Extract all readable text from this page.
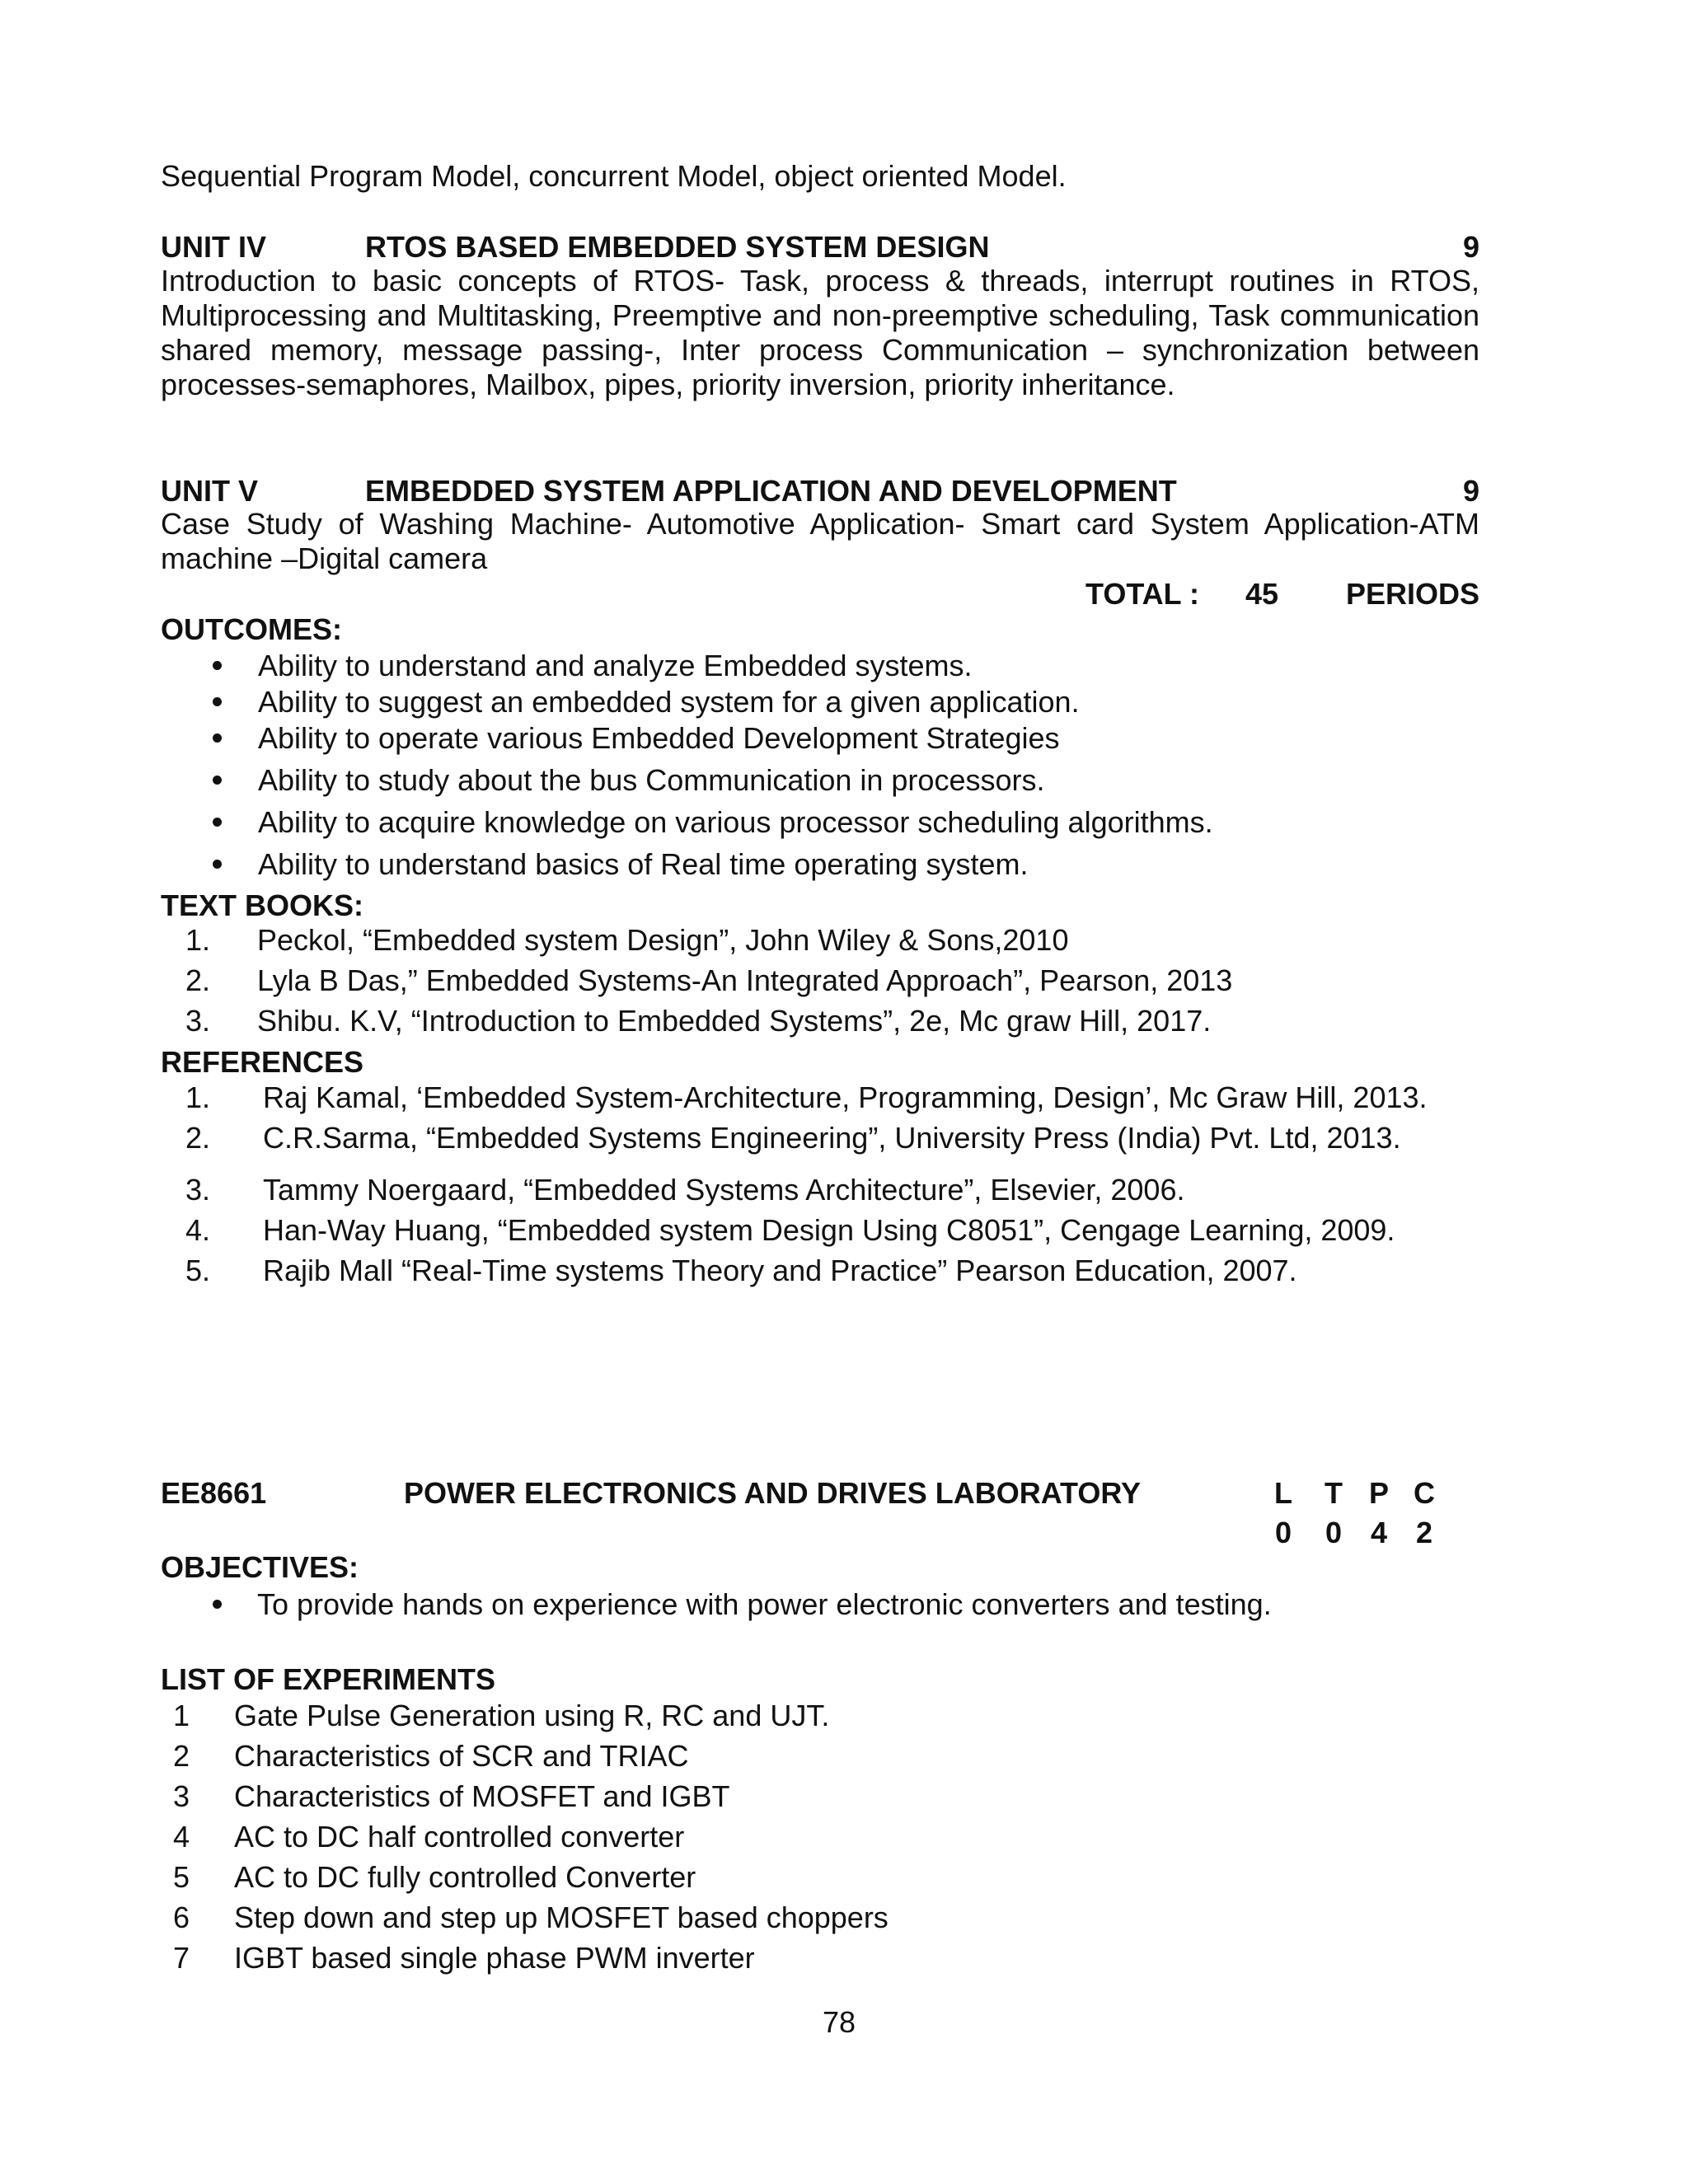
Sequential Program Model, concurrent Model, object oriented Model.
UNIT IV	RTOS BASED EMBEDDED SYSTEM DESIGN	9
Introduction to basic concepts of RTOS- Task, process & threads, interrupt routines in RTOS, Multiprocessing and Multitasking, Preemptive and non-preemptive scheduling, Task communication shared memory, message passing-, Inter process Communication – synchronization between processes-semaphores, Mailbox, pipes, priority inversion, priority inheritance.
UNIT V	EMBEDDED SYSTEM APPLICATION AND DEVELOPMENT	9
Case Study of Washing Machine- Automotive Application- Smart card System Application-ATM machine –Digital camera
TOTAL : 45 PERIODS
OUTCOMES:
Ability to understand and analyze Embedded systems.
Ability to suggest an embedded system for a given application.
Ability to operate various Embedded Development Strategies
Ability to study about the bus Communication in processors.
Ability to acquire knowledge on various processor scheduling algorithms.
Ability to understand basics of Real time operating system.
TEXT BOOKS:
1. Peckol, “Embedded system Design”, John Wiley & Sons,2010
2. Lyla B Das,” Embedded Systems-An Integrated Approach”, Pearson, 2013
3. Shibu. K.V, “Introduction to Embedded Systems”, 2e, Mc graw Hill, 2017.
REFERENCES
1. Raj Kamal, ‘Embedded System-Architecture, Programming, Design’, Mc Graw Hill, 2013.
2. C.R.Sarma, “Embedded Systems Engineering”, University Press (India) Pvt. Ltd, 2013.
3. Tammy Noergaard, “Embedded Systems Architecture”, Elsevier, 2006.
4. Han-Way Huang, “Embedded system Design Using C8051”, Cengage Learning, 2009.
5. Rajib Mall “Real-Time systems Theory and Practice” Pearson Education, 2007.
EE8661	POWER ELECTRONICS AND DRIVES LABORATORY	L T P C
0 0 4 2
OBJECTIVES:
To provide hands on experience with power electronic converters and testing.
LIST OF EXPERIMENTS
1 Gate Pulse Generation using R, RC and UJT.
2 Characteristics of SCR and TRIAC
3 Characteristics of MOSFET and IGBT
4 AC to DC half controlled converter
5 AC to DC fully controlled Converter
6 Step down and step up MOSFET based choppers
7 IGBT based single phase PWM inverter
78
